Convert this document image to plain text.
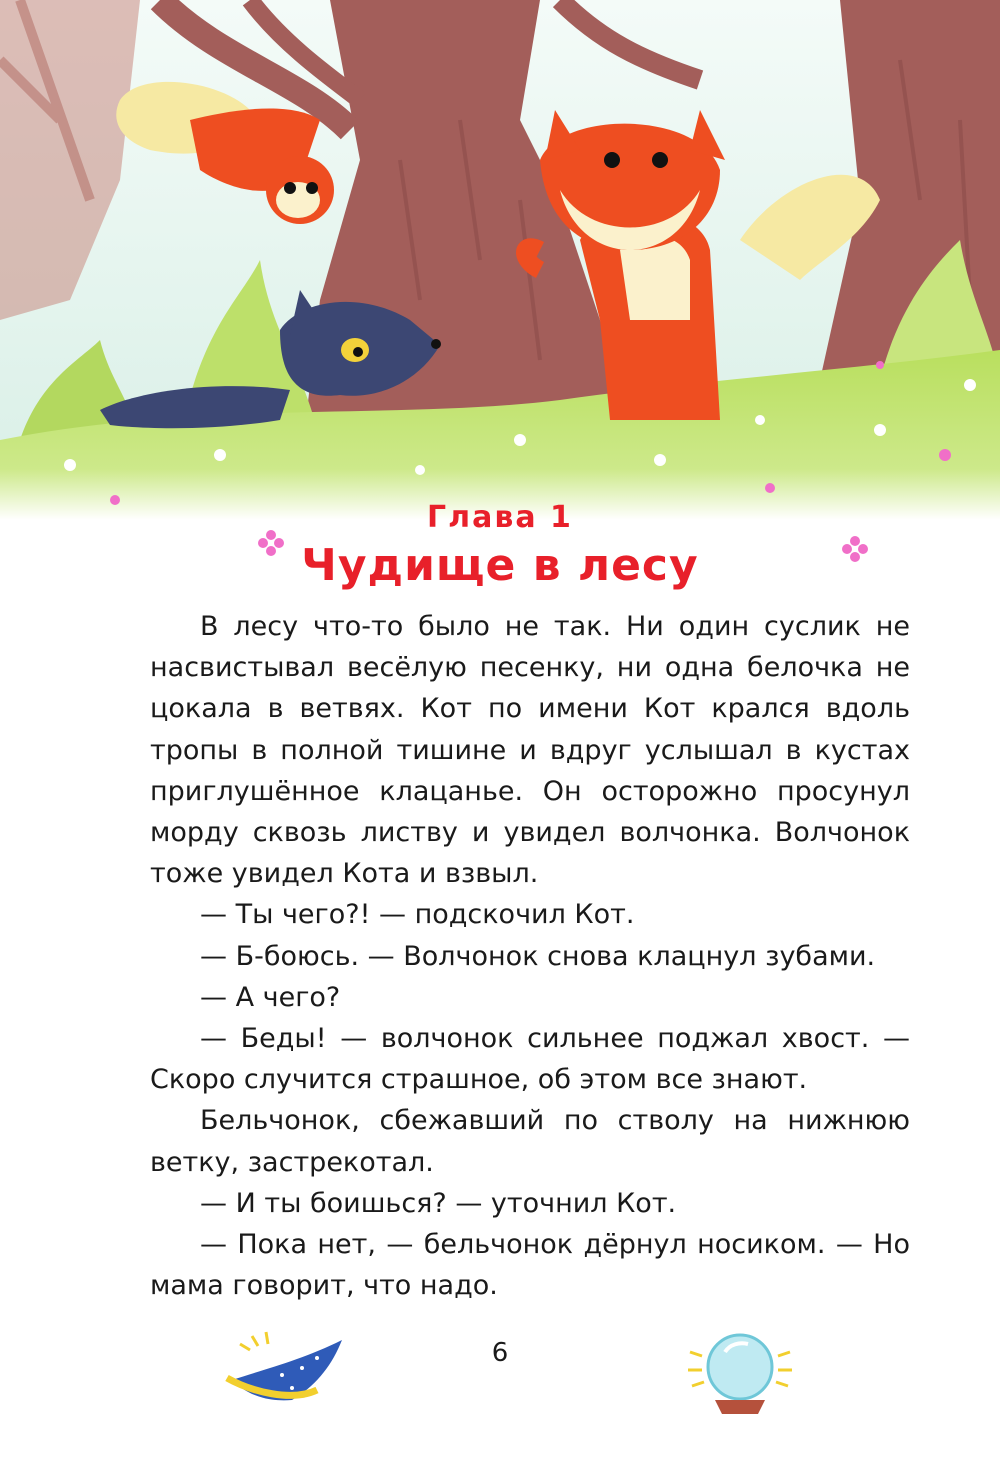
Глава 1
Чудище в лесу

В лесу что-то было не так. Ни один суслик не насвистывал весёлую песенку, ни одна белочка не цокала в ветвях. Кот по имени Кот крался вдоль тропы в полной тишине и вдруг услышал в кустах приглушённое клацанье. Он осторожно просунул морду сквозь листву и увидел волчонка. Волчонок тоже увидел Кота и взвыл.

— Ты чего?! — подскочил Кот.

— Б-боюсь. — Волчонок снова клацнул зубами.

— А чего?

— Беды! — волчонок сильнее поджал хвост. — Скоро случится страшное, об этом все знают.

Бельчонок, сбежавший по стволу на нижнюю ветку, застрекотал.

— И ты боишься? — уточнил Кот.

— Пока нет, — бельчонок дёрнул носиком. — Но мама говорит, что надо.

6
